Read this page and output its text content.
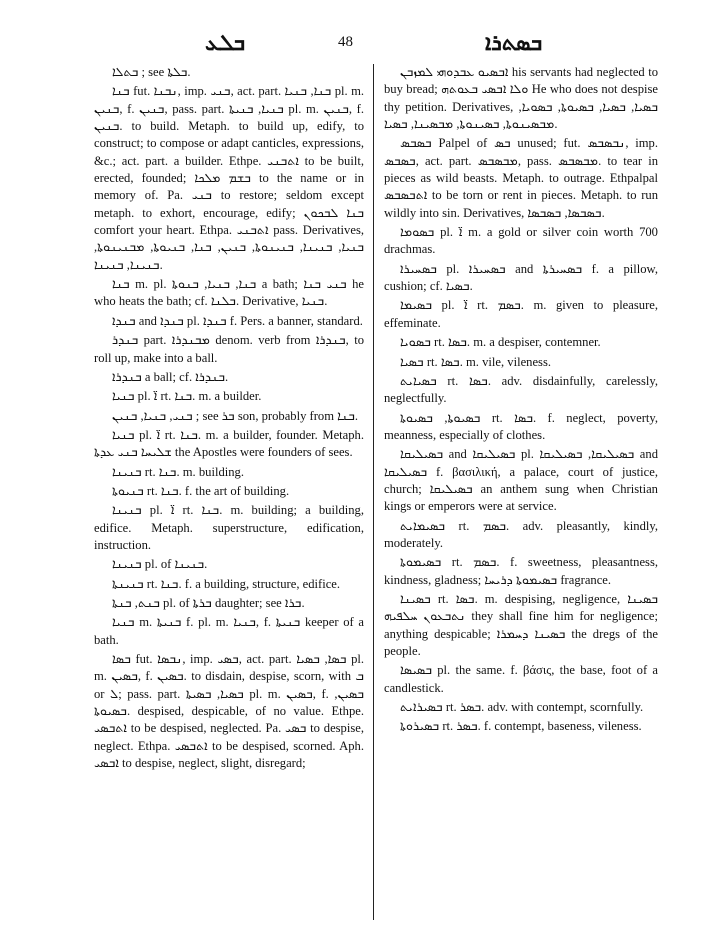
ܒܠܥ	48	ܒܣܬܪܐ

ܒܬܠܐ ; see ܒܠܬܐ.

ܒܢܐ fut. ܢܒܢܐ, imp. ܒܢܝ, act. part. ܒܢܐ, ܒܢܝܐ pl. m. ܒܢܝܢ, f. ܒܢܝܢ, pass. part. ܒܢܝܐ, ܒܢܝܬܐ pl. m. ܒܢܝܢ, f. ܒܢܝܢ. to build. Metaph. to build up, edify, to construct; to compose or adapt canticles, expressions, &c.; act. part. a builder. Ethpe. ܐܬܒܢܝ to be built, erected, founded; ܒܫܡ ܡܠܟܐ to the name or in memory of. Pa. ܒܢܝ to restore; seldom except metaph. to exhort, encourage, edify; ܒܢܐ ܠܒܟܘܢ comfort your heart. Ethpa. ܐܬܒܢܝ pass. Derivatives, ܒܢܝܐ, ܒܢܝܢܐ, ܒܢܝܢܘܬܐ, ܒܢܝܢ, ܒܢܐ, ܒܢܝܘܬܐ, ܡܒܢܝܢܘܬܐ, ܒܢܝܢܐ, ܒܢܝܢܐ.

ܒܢܐ m. pl. ܒܢܐ, ܒܢܝܐ, ܒܢܘܬܐ a bath; ܒܢܝ ܒܢܐ he who heats the bath; cf. ܒܠܢܐ. Derivative, ܒܢܝܐ.

ܒܢܕܐ and ܒܢܕܐ pl. ܒܢܕܐ f. Pers. a banner, standard.

ܒܢܕܪ part. ܡܒܢܕܪܐ denom. verb from ܒܢܕܪܐ, to roll up, make into a ball.

ܒܢܕܪܐ a ball; cf. ܒܢܕܪܐ.

ܒܢܝܐ pl. ܐ̈ rt. ܒܢܐ. m. a builder.

ܒܢܝ, ܒܢܝܐ, ܒܢܝܢ ; see ܒܪ son, probably from ܒܢܐ.

ܒܢܝܐ pl. ܐ̈ rt. ܒܢܐ. m. a builder, founder. Metaph. ܫܠܝܚܐ ܒܢܝ ܥܕܬܐ the Apostles were founders of sees.

ܒܢܝܢܐ rt. ܒܢܐ. m. building.

ܒܢܝܘܬܐ rt. ܒܢܐ. f. the art of building.

ܒܢܝܢܐ pl. ܐ̈ rt. ܒܢܐ. m. building; a building, edifice. Metaph. superstructure, edification, instruction.

ܒܢܝܢܐ pl. of ܒܢܝܢܐ.

ܒܢܝܢܬܐ rt. ܒܢܐ. f. a building, structure, edifice.

ܒܢܬ, ܒܢܬܐ pl. of ܒܪܬܐ daughter; see ܒܪܐ.

ܒܢܝܐ m. ܒܢܝܬܐ f. pl. m. ܒܢܝܐ, f. ܒܢܝܬܐ keeper of a bath.

ܒܣܐ fut. ܢܒܣܐ, imp. ܒܣܝ, act. part. ܒܣܐ, ܒܣܝܐ pl. m. ܒܣܝܢ, f. ܒܣܝܢ. to disdain, despise, scorn, with ܒ or ܠ; pass. part. ܒܣܝܐ, ܒܣܝܬܐ pl. m. ܒܣܝܢ, f. ܒܣܝܢ, ܒܣܝܘܬܐ. despised, despicable, of no value. Ethpe. ܐܬܒܣܝ to be despised, neglected. Pa. ܒܣܝ to despise, neglect. Ethpa. ܐܬܒܣܝ to be despised, scorned. Aph. ܐܒܣܝ to despise, neglect, slight, disregard;

ܐܒܣܝܘ ܥܒܕܘܗܝ ܠܡܙܒܢ his servants had neglected to buy bread; ܘܠܐ ܐܒܣܝ ܒܥܘܬܗ He who does not despise thy petition. Derivatives, ܒܣܝܐ, ܒܣܝܐ, ܒܣܝܘܬܐ, ܒܣܘܝܐ, ܡܒܣܝܢܘܬܐ, ܒܣܝܢܘܬܐ, ܡܒܣܝܢܐ, ܒܣܝܐ.

ܒܣܒܣ Palpel of ܒܣ unused; fut. ܢܒܣܒܣ, imp. ܒܣܒܣ, act. part. ܡܒܣܒܣ, pass. ܡܒܣܒܣ. to tear in pieces as wild beasts. Metaph. to outrage. Ethpalpal ܐܬܒܣܒܣ to be torn or rent in pieces. Metaph. to run wildly into sin. Derivatives, ܒܣܒܣܐ, ܒܣܒܣܐ.

ܒܣܘܡܐ pl. ܐ̈ m. a gold or silver coin worth 700 drachmas.

ܒܣܚܝܪܐ pl. ܒܣܚܝܪܐ and ܒܣܚܝܪܬܐ f. a pillow, cushion; cf. ܒܣܝܐ.

ܒܣܝܡܐ pl. ܐ̈ rt. ܒܣܡ. m. given to pleasure, effeminate.

ܒܣܘܝܐ rt. ܒܣܐ. m. a despiser, contemner.

ܒܣܝܐ rt. ܒܣܐ. m. vile, vileness.

ܒܣܝܐܝܬ rt. ܒܣܐ. adv. disdainfully, carelessly, neglectfully.

ܒܣܝܘܬܐ, ܒܣܝܘܬܐ rt. ܒܣܐ. f. neglect, poverty, meanness, especially of clothes.

ܒܣܝܠܝܩܐ and ܒܣܝܠܝܩܐ pl. ܒܣܝܠܝܩܐ, ܒܣܝܠܝܩܐ and ܒܣܝܠܝܩܐ f. βασιλική, a palace, court of justice, church; ܒܣܝܠܝܩܐ an anthem sung when Christian kings or emperors were at service.

ܒܣܝܡܐܝܬ rt. ܒܣܡ. adv. pleasantly, kindly, moderately.

ܒܣܝܡܘܬܐ rt. ܒܣܡ. f. sweetness, pleasantness, kindness, gladness; ܒܣܝܡܘܬܐ ܕܪܝܚܐ fragrance.

ܒܣܝܢܐ rt. ܒܣܐ. m. despising, negligence, ܒܣܝܢܐ ܢܬܒܥܘܢ ܚܠܦܝܗ they shall fine him for negligence; anything despicable; ܒܣܝܢܐ ܕܚܡܪܐ the dregs of the people.

ܒܣܝܣܐ pl. the same. f. βάσις, the base, foot of a candlestick.

ܒܣܝܪܐܝܬ rt. ܒܣܪ. adv. with contempt, scornfully.

ܒܣܝܪܘܬܐ rt. ܒܣܪ. f. contempt, baseness, vileness.
